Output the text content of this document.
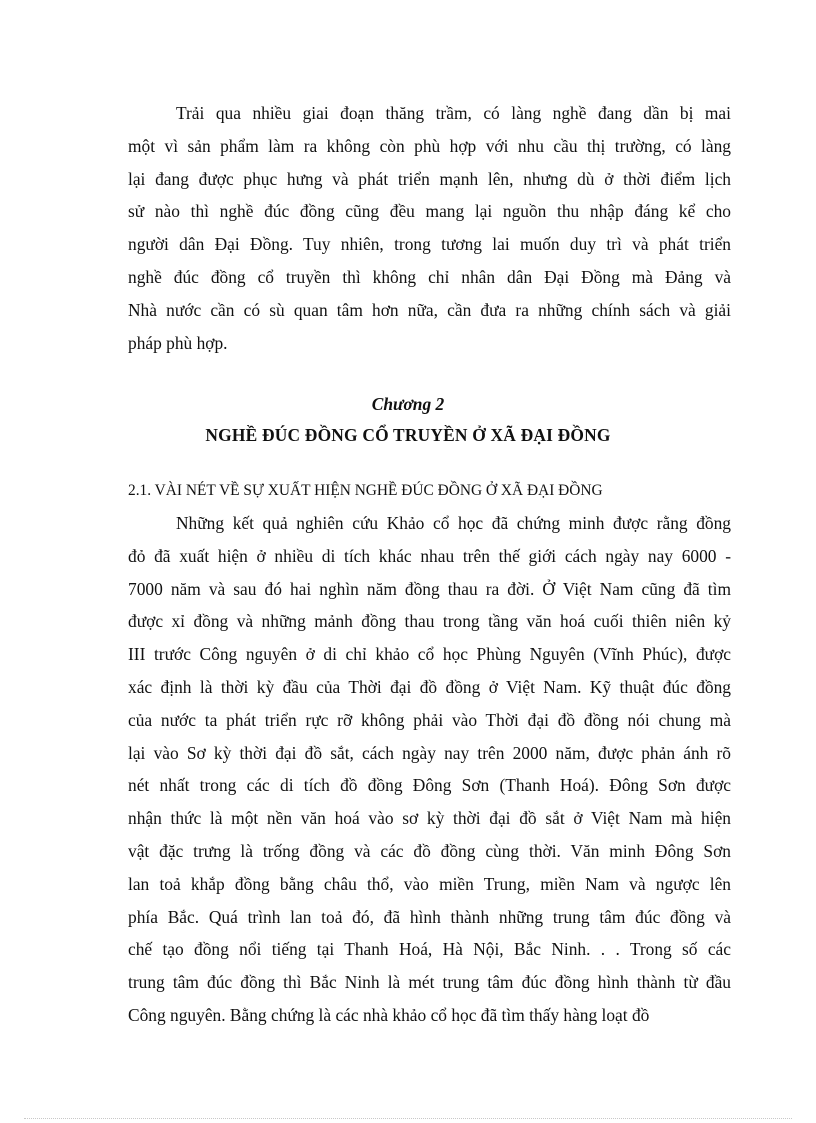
Trải qua nhiều giai đoạn thăng trầm, có làng nghề đang dần bị mai
một vì sản phẩm làm ra không còn phù hợp với nhu cầu thị trường, có làng
lại đang được phục hưng và phát triển mạnh lên, nhưng dù ở thời điểm lịch
sử nào thì nghề đúc đồng cũng đều mang lại nguồn thu nhập đáng kể cho
người dân Đại Đồng. Tuy nhiên, trong tương lai muốn duy trì và phát triển
nghề đúc đồng cổ truyền thì không chỉ nhân dân Đại Đồng mà Đảng và
Nhà nước cần có sù quan tâm hơn nữa, cần đưa ra những chính sách và giải
pháp phù hợp.

Chương 2

NGHỀ ĐÚC ĐỒNG CỔ TRUYỀN Ở XÃ ĐẠI ĐỒNG

2.1. VÀI NÉT VỀ SỰ XUẤT HIỆN NGHỀ ĐÚC ĐỒNG Ở XÃ ĐẠI ĐỒNG

Những kết quả nghiên cứu Khảo cổ học đã chứng minh được rằng đồng
đỏ đã xuất hiện ở nhiều di tích khác nhau trên thế giới cách ngày nay 6000 -
7000 năm và sau đó hai nghìn năm đồng thau ra đời. Ở Việt Nam cũng đã tìm
được xỉ đồng và những mảnh đồng thau trong tầng văn hoá cuối thiên niên kỷ
III trước Công nguyên ở di chỉ khảo cổ học Phùng Nguyên (Vĩnh Phúc), được
xác định là thời kỳ đầu của Thời đại đồ đồng ở Việt Nam. Kỹ thuật đúc đồng
của nước ta phát triển rực rỡ không phải vào Thời đại đồ đồng nói chung mà
lại vào Sơ kỳ thời đại đồ sắt, cách ngày nay trên 2000 năm, được phản ánh rõ
nét nhất trong các di tích đồ đồng Đông Sơn (Thanh Hoá). Đông Sơn được
nhận thức là một nền văn hoá vào sơ kỳ thời đại đồ sắt ở Việt Nam mà hiện
vật đặc trưng là trống đồng và các đồ đồng cùng thời. Văn minh Đông Sơn
lan toả khắp đồng bằng châu thổ, vào miền Trung, miền Nam và ngược lên
phía Bắc. Quá trình lan toả đó, đã hình thành những trung tâm đúc đồng và
chế tạo đồng nổi tiếng tại Thanh Hoá, Hà Nội, Bắc Ninh. . . Trong số các
trung tâm đúc đồng thì Bắc Ninh là mét trung tâm đúc đồng hình thành từ đầu
Công nguyên. Bằng chứng là các nhà khảo cổ học đã tìm thấy hàng loạt đồ
